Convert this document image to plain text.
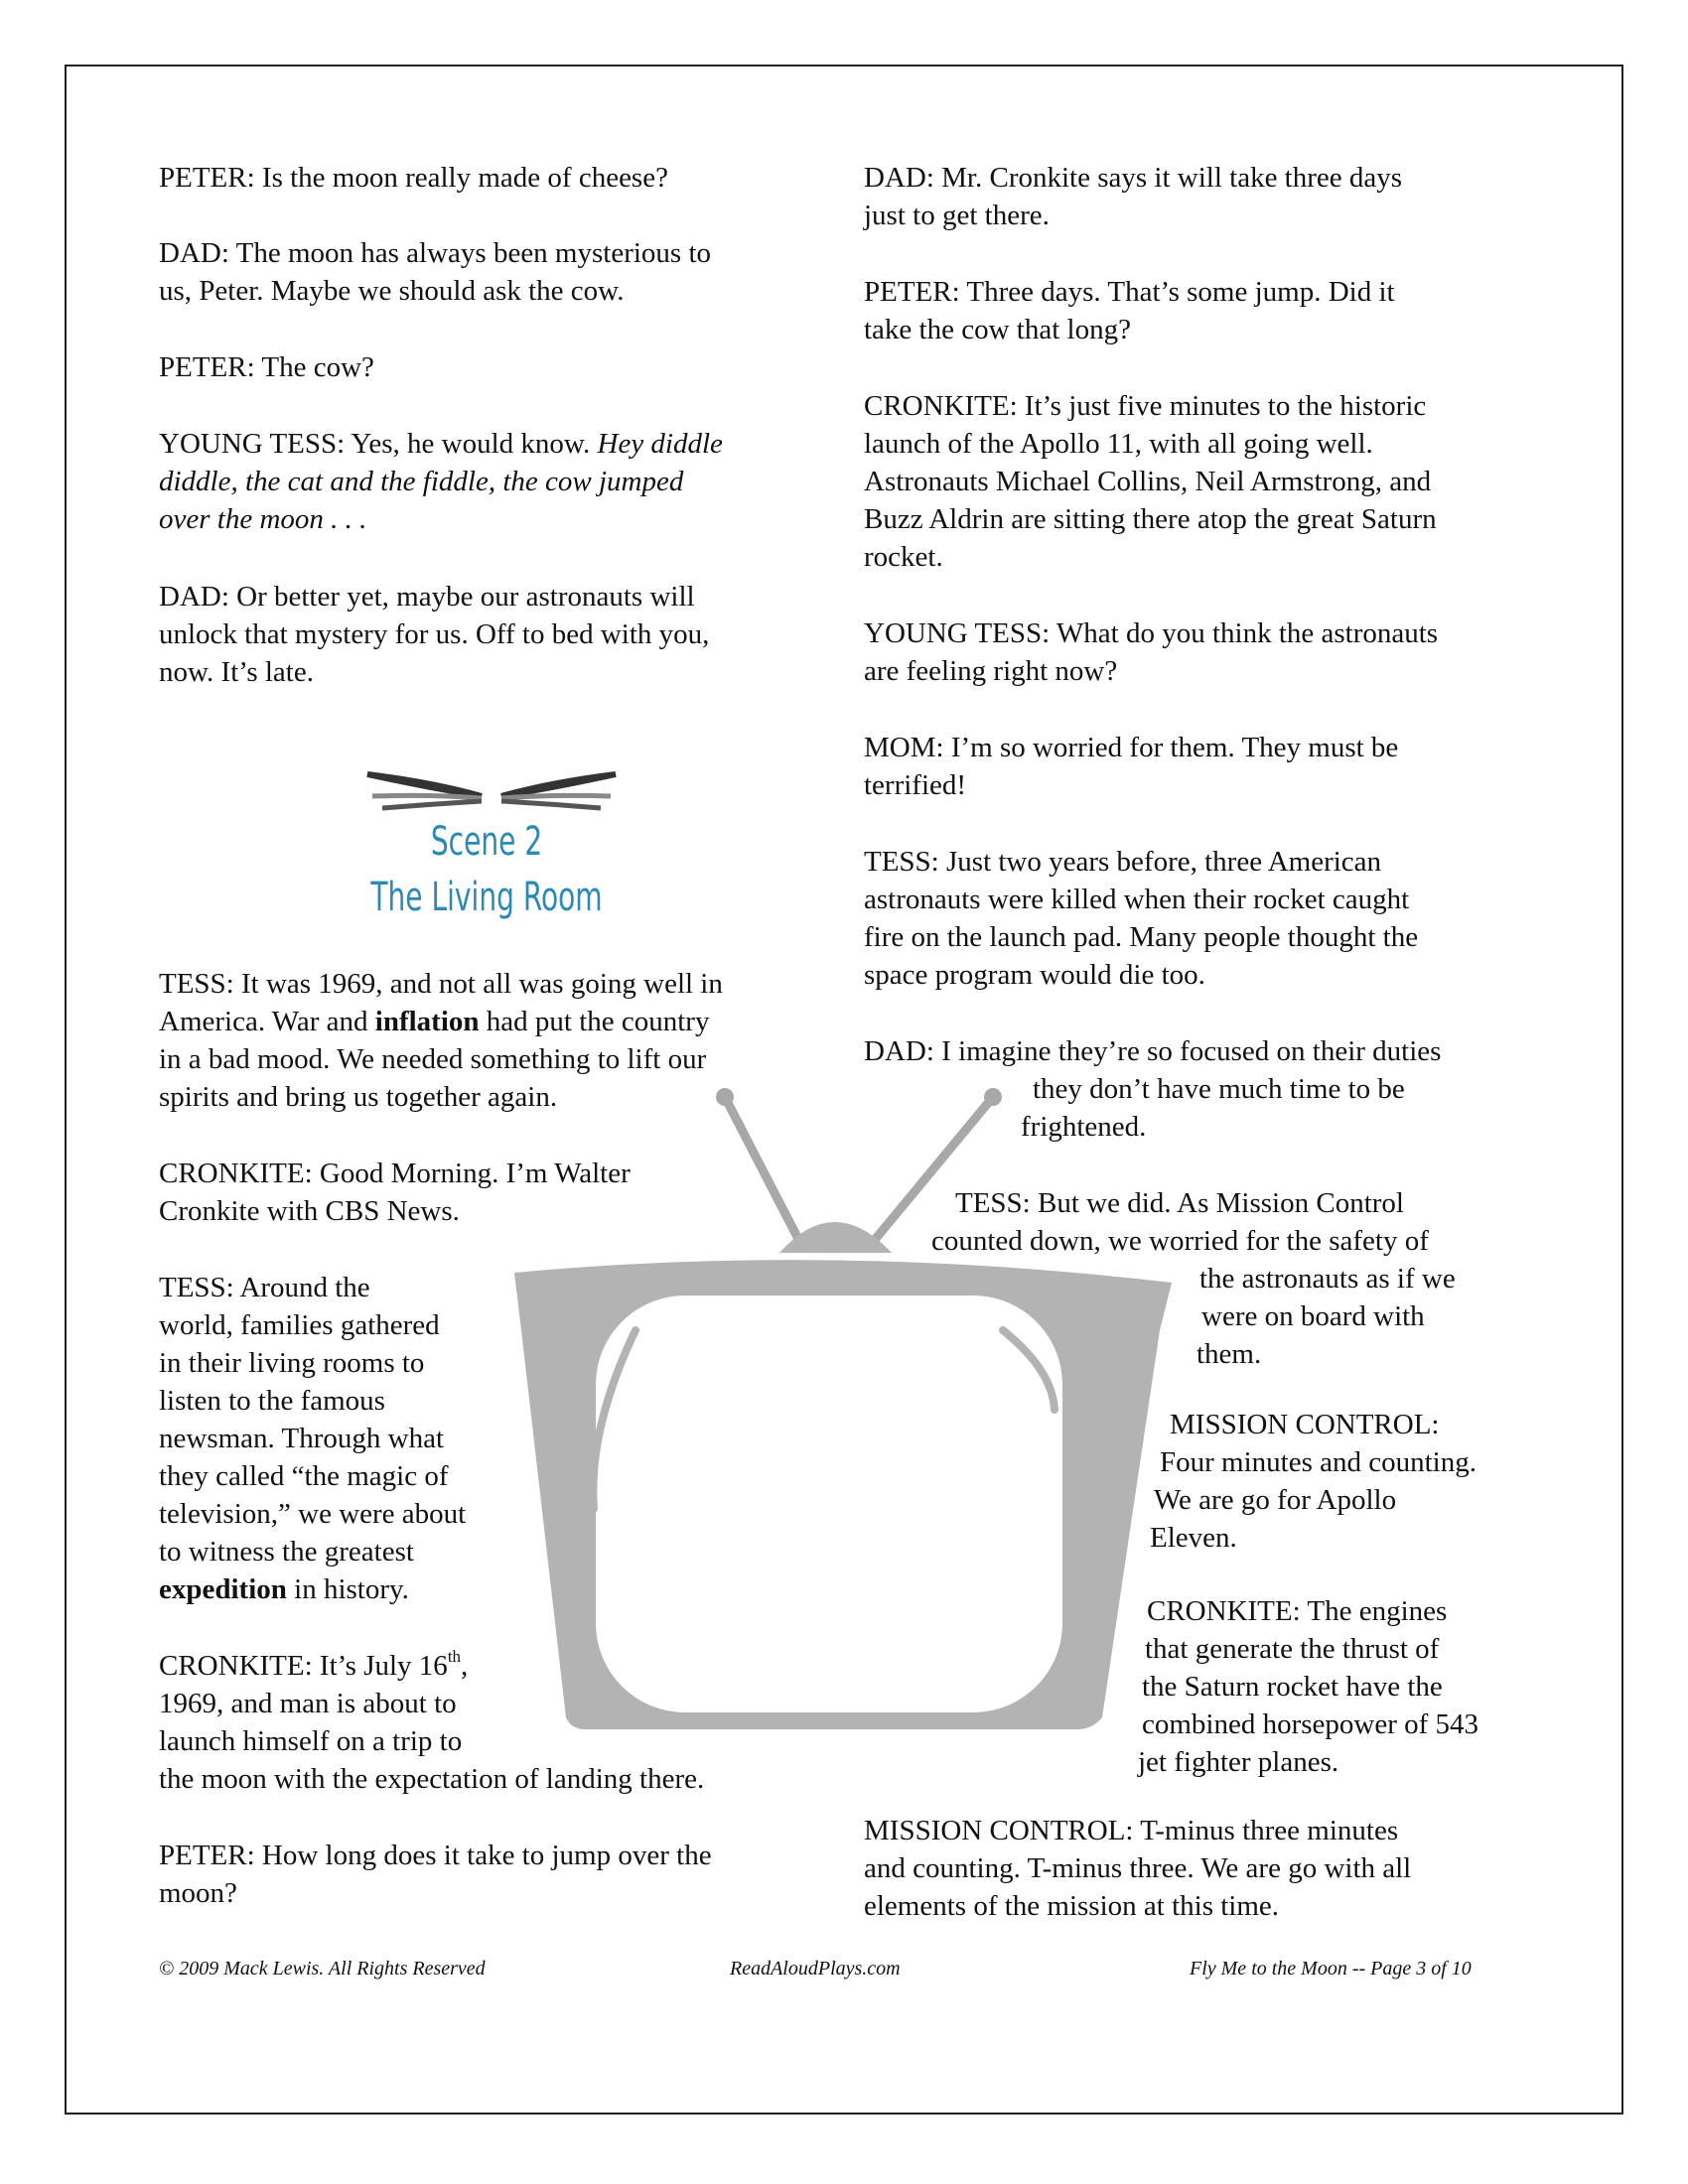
Scene 2
The Living Room

PETER: Is the moon really made of cheese?

DAD: The moon has always been mysterious to

us, Peter. Maybe we should ask the cow.

PETER: The cow?

YOUNG TESS: Yes, he would know. Hey diddle

diddle, the cat and the fiddle, the cow jumped

over the moon . . .

DAD: Or better yet, maybe our astronauts will

unlock that mystery for us. Off to bed with you,

now. It’s late.

TESS: It was 1969, and not all was going well in

America. War and inflation had put the country

in a bad mood. We needed something to lift our

spirits and bring us together again.

CRONKITE: Good Morning. I’m Walter

Cronkite with CBS News.

TESS: Around the

world, families gathered

in their living rooms to

listen to the famous

newsman. Through what

they called “the magic of

television,” we were about

to witness the greatest

expedition in history.

CRONKITE: It’s July 16th,

1969, and man is about to

launch himself on a trip to

the moon with the expectation of landing there.

PETER: How long does it take to jump over the

moon?

DAD: Mr. Cronkite says it will take three days

just to get there.

PETER: Three days. That’s some jump. Did it

take the cow that long?

CRONKITE: It’s just five minutes to the historic

launch of the Apollo 11, with all going well.

Astronauts Michael Collins, Neil Armstrong, and

Buzz Aldrin are sitting there atop the great Saturn

rocket.

YOUNG TESS: What do you think the astronauts

are feeling right now?

MOM: I’m so worried for them. They must be

terrified!

TESS: Just two years before, three American

astronauts were killed when their rocket caught

fire on the launch pad. Many people thought the

space program would die too.

DAD: I imagine they’re so focused on their duties

they don’t have much time to be

frightened.

TESS: But we did. As Mission Control

counted down, we worried for the safety of

the astronauts as if we

were on board with

them.

MISSION CONTROL:

Four minutes and counting.

We are go for Apollo

Eleven.

CRONKITE: The engines

that generate the thrust of

the Saturn rocket have the

combined horsepower of 543

jet fighter planes.

MISSION CONTROL: T-minus three minutes

and counting. T-minus three. We are go with all

elements of the mission at this time.

© 2009 Mack Lewis. All Rights Reserved	ReadAloudPlays.com	Fly Me to the Moon -- Page 3 of 10
